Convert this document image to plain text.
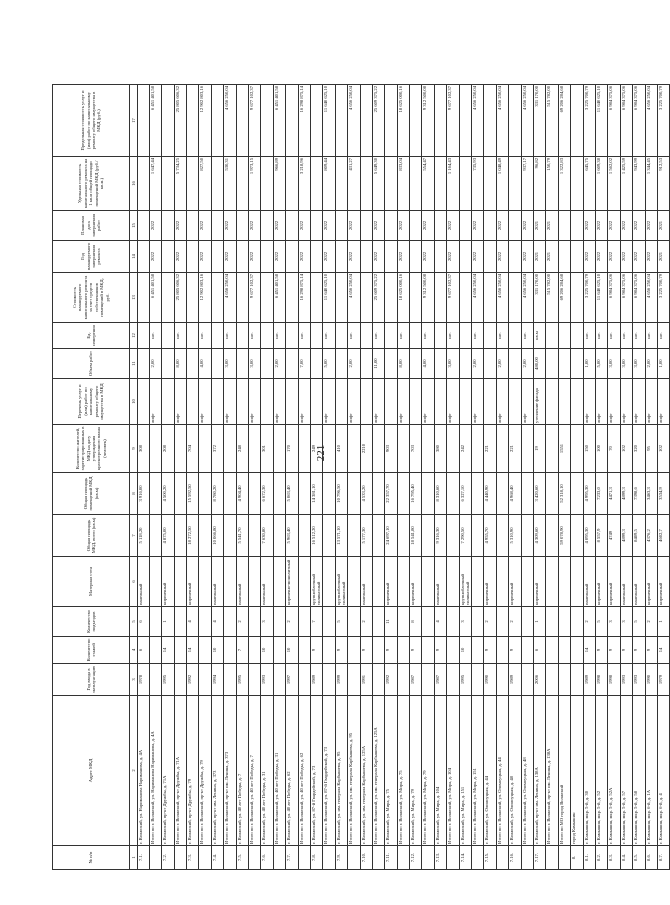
221
№ п/п	Адрес МКД	Год ввода в эксплуатацию	Количество этажей	Количество подъездов	Материал стен	Общая площадь МКД, всего (кв.м)	Общая площадь помещений МКД (кв.м)	Количество жителей, зарегистрированных в МКД на дату утверждения краткосрочного плана (человек)	Перечень услуг и (или) работ по капитальному ремонту общего имущества в МКД	Объем работ	Ед. измерения	Стоимость планируемого капитального ремонта за счет средств собственников помещений в МКД, руб.	Год планируемого завершения ремонта	Плановая дата завершения работ	Удельная стоимость капитального ремонта на 1 кв.м общей площади помещений МКД (руб./кв.м.)	Предельная стоимость услуг и (или) работ по капитальному ремонту общего имущества в МКД (руб.)
1	2	3	4	5	6	7	8	9	10	11	12	13	14	15	16	17
7.1.	г. Волжский, ул. Нариманова Нариманова, д. 4А	1978	6	6	панельный	5 118,20	3 916,00	308								
	Итого по г. Волжский, ул. Нариманова Нариманова, д. 4А								лифт	2,00	шт.	6 451 401,58	2022	2022	1 647,44	6 451 401,58
7.2.	г. Волжский, пр-кт Дружбы, д. 71А	1995	14	1	кирпичный	4 875,00	4 500,20	208								
	Итого по г. Волжский, пр-кт Дружбы, д. 71А								лифт	8,00	шт.	25 805 606,32	2022	2022	5 734,25	25 805 606,32
7.3.	г. Волжский, пр-кт Дружбы, д. 79	1992	14	4	кирпичный	18 272,50	15 592,50	704								
	Итого по г. Волжский, пр-кт Дружбы, д. 79								лифт	4,00	шт.	12 902 803,16	2022	2022	827,50	12 902 803,16
7.4.	г. Волжский, пр-кт им. Ленина, д. 373	1994	10	4	панельный	10 066,80	8 780,20	372								
	Итого по г. Волжский, пр-кт им. Ленина, д. 373								лифт	3,00	шт.	4 656 250,04	2022	2022	530,31	4 656 250,04
7.5.	г. Волжский, ул. 40 лет Победы, д. 7	1995	7	2	панельный	5 541,70	4 904,40	248								
	Итого по г. Волжский, ул. 40 лет Победы, д. 7								лифт	3,00	шт.	9 677 102,37	2022	2022	1 973,15	9 677 102,37
7.6.	г. Волжский, ул. 40 лет Победы, д. 31	1993	10	3	панельный	7 630,80	6 672,30	301								
	Итого по г. Волжский, ул. 40 лет Победы, д. 31								лифт	2,00	шт.	6 451 401,58	2022	2022	966,89	6 451 401,58
7.7.	г. Волжский, ул. 40 лет Победы, д. 62	1997	10	2	кирпично-монолитный	5 963,40	5 063,40	170								
	Итого по г. Волжский, ул. 40 лет Победы, д. 62								лифт	7,00	шт.	16 298 875,14	2022	2022	3 218,96	16 298 875,14
7.8.	г. Волжский, ул. 87-й Гвардейской, д. 73	1989	9	7	крупноблочный силикатный	16 512,20	14 381,10	249								
	Итого по г. Волжский, ул. 87-й Гвардейской, д. 73								лифт	5,00	шт.	11 640 625,10	2022	2022	809,44	11 640 625,10
7.9.	г. Волжский, ул. им. генерала Карбышева, д. 95	1999	9	5	крупноблочный силикатный	13 571,10	10 796,50	410								
	Итого по г. Волжский, ул. им. генерала Карбышева, д. 95								лифт	2,00	шт.	4 656 250,04	2022	2022	431,27	4 656 250,04
7.10.	г. Волжский, ул. им. генерала Карбышева, д. 125А	1991	9	2	панельный	5 177,30	4 533,20	2210								
	Итого по г. Волжский, ул. им. генерала Карбышева, д. 125А								лифт	11,00	шт.	25 609 375,22	2022	2022	5 649,30	25 609 375,22
7.11.	г. Волжский, ул. Мира, д. 75	1992	9	11	кирпичный	24 697,10	22 357,70	903								
	Итого по г. Волжский, ул. Мира, д. 75								лифт	8,00	шт.	18 625 000,16	2022	2022	833,04	18 625 000,16
7.12.	г. Волжский, ул. Мира, д. 79	1987	9	8	кирпичный	18 541,80	16 795,40	703								
	Итого по г. Волжский, ул. Мира, д. 79								лифт	4,00	шт.	9 312 500,08	2022	2022	554,47	9 312 500,08
7.13.	г. Волжский, ул. Мира, д. 104	1987	9	4	панельный	9 316,30	8 310,60	380								
	Итого по г. Волжский, ул. Мира, д. 104								лифт	3,00	шт.	9 677 102,37	2022	2022	1 164,43	9 677 102,37
7.14.	г. Волжский, ул. Мира, д. 151	1995	10	3	крупноблочный силикатный	7 290,50	6 327,10	242								
	Итого по г. Волжский, ул. Мира, д. 151								лифт	2,00	шт.	4 656 250,04	2022	2022	735,93	4 656 250,04
7.15.	г. Волжский, ул. Оломоуцкая, д. 44	1990	9	2	кирпичный	4 955,70	4 440,90	221								
	Итого по г. Волжский, ул. Оломоуцкая, д. 44								лифт	2,00	шт.	4 656 250,04	2022	2022	1 048,49	4 656 250,04
7.16.	г. Волжский, ул. Оломоуцкая, д. 48	1989	9	2	кирпичный	5 310,90	4 968,40	221								
	Итого по г. Волжский, ул. Оломоуцкая, д. 48								лифт	2,00	шт.	4 656 250,04	2022	2022	937,17	4 656 250,04
7.17.	г. Волжский, пр-кт им. Ленина, д. 138А	2006	6	1	кирпичный	4 309,60	3 420,60	19	утепление фасада	480,00	кв.м	331 170,00	2021	2021	96,82	331 170,00
	Итого по г. Волжский, пр-кт им. Ленина, д. 138А											515 782,00	2021	2021	150,79	515 782,00
	Итого по МО город Волжский					59 078,90	52 318,10	1551				69 206 284,68			1 322,83	69 206 284,68
8.	город Камышин															
8.1.	г. Камышин, мкр. 5-й, д. 30	1989	14	2	панельный	4 095,30	4 995,30	150	лифт	1,00	шт.	3 225 700,79	2022	2022	645,75	3 225 700,79
8.2.	г. Камышин, мкр. 5-й, д. 52	1998	9	5	кирпичный	8 557,9	7233,0	100	лифт	5,00	шт.	11 640 625,10	2022	2022	1 609,38	11 640 625,10
8.3.	г. Камышин, мкр. 5-й, д. 52А	1998	9	3	кирпичный	4749	4471,3	70	лифт	3,00	шт.	6 984 375,06	2022	2022	1 562,02	6 984 375,06
8.4.	г. Камышин, мкр. 5-й, д. 57	1993	9	3	панельный	4899,3	4899,3	102	лифт	3,00	шт.	6 984 375,06	2022	2022	1 425,59	6 984 375,06
8.5.	г. Камышин, мкр. 5-й, д. 58	1993	9	5	панельный	8409,5	7398,6	320	лифт	3,00	шт.	6 984 375,06	2022	2022	943,99	6 984 375,06
8.6.	г. Камышин, мкр. 6-й, д. 1А	1990	9	2	кирпичный	4376,2	3463,3	95	лифт	2,00	шт.	4 656 250,04	2022	2022	1 344,45	4 656 250,04
8.7.	г. Камышин, мкр. 6-й, д. 4	1979	14	1	кирпичный	4602,7	3534,9	102	лифт	1,00	шт.	3 225 700,79	2021	2021	912,53	3 225 700,79
